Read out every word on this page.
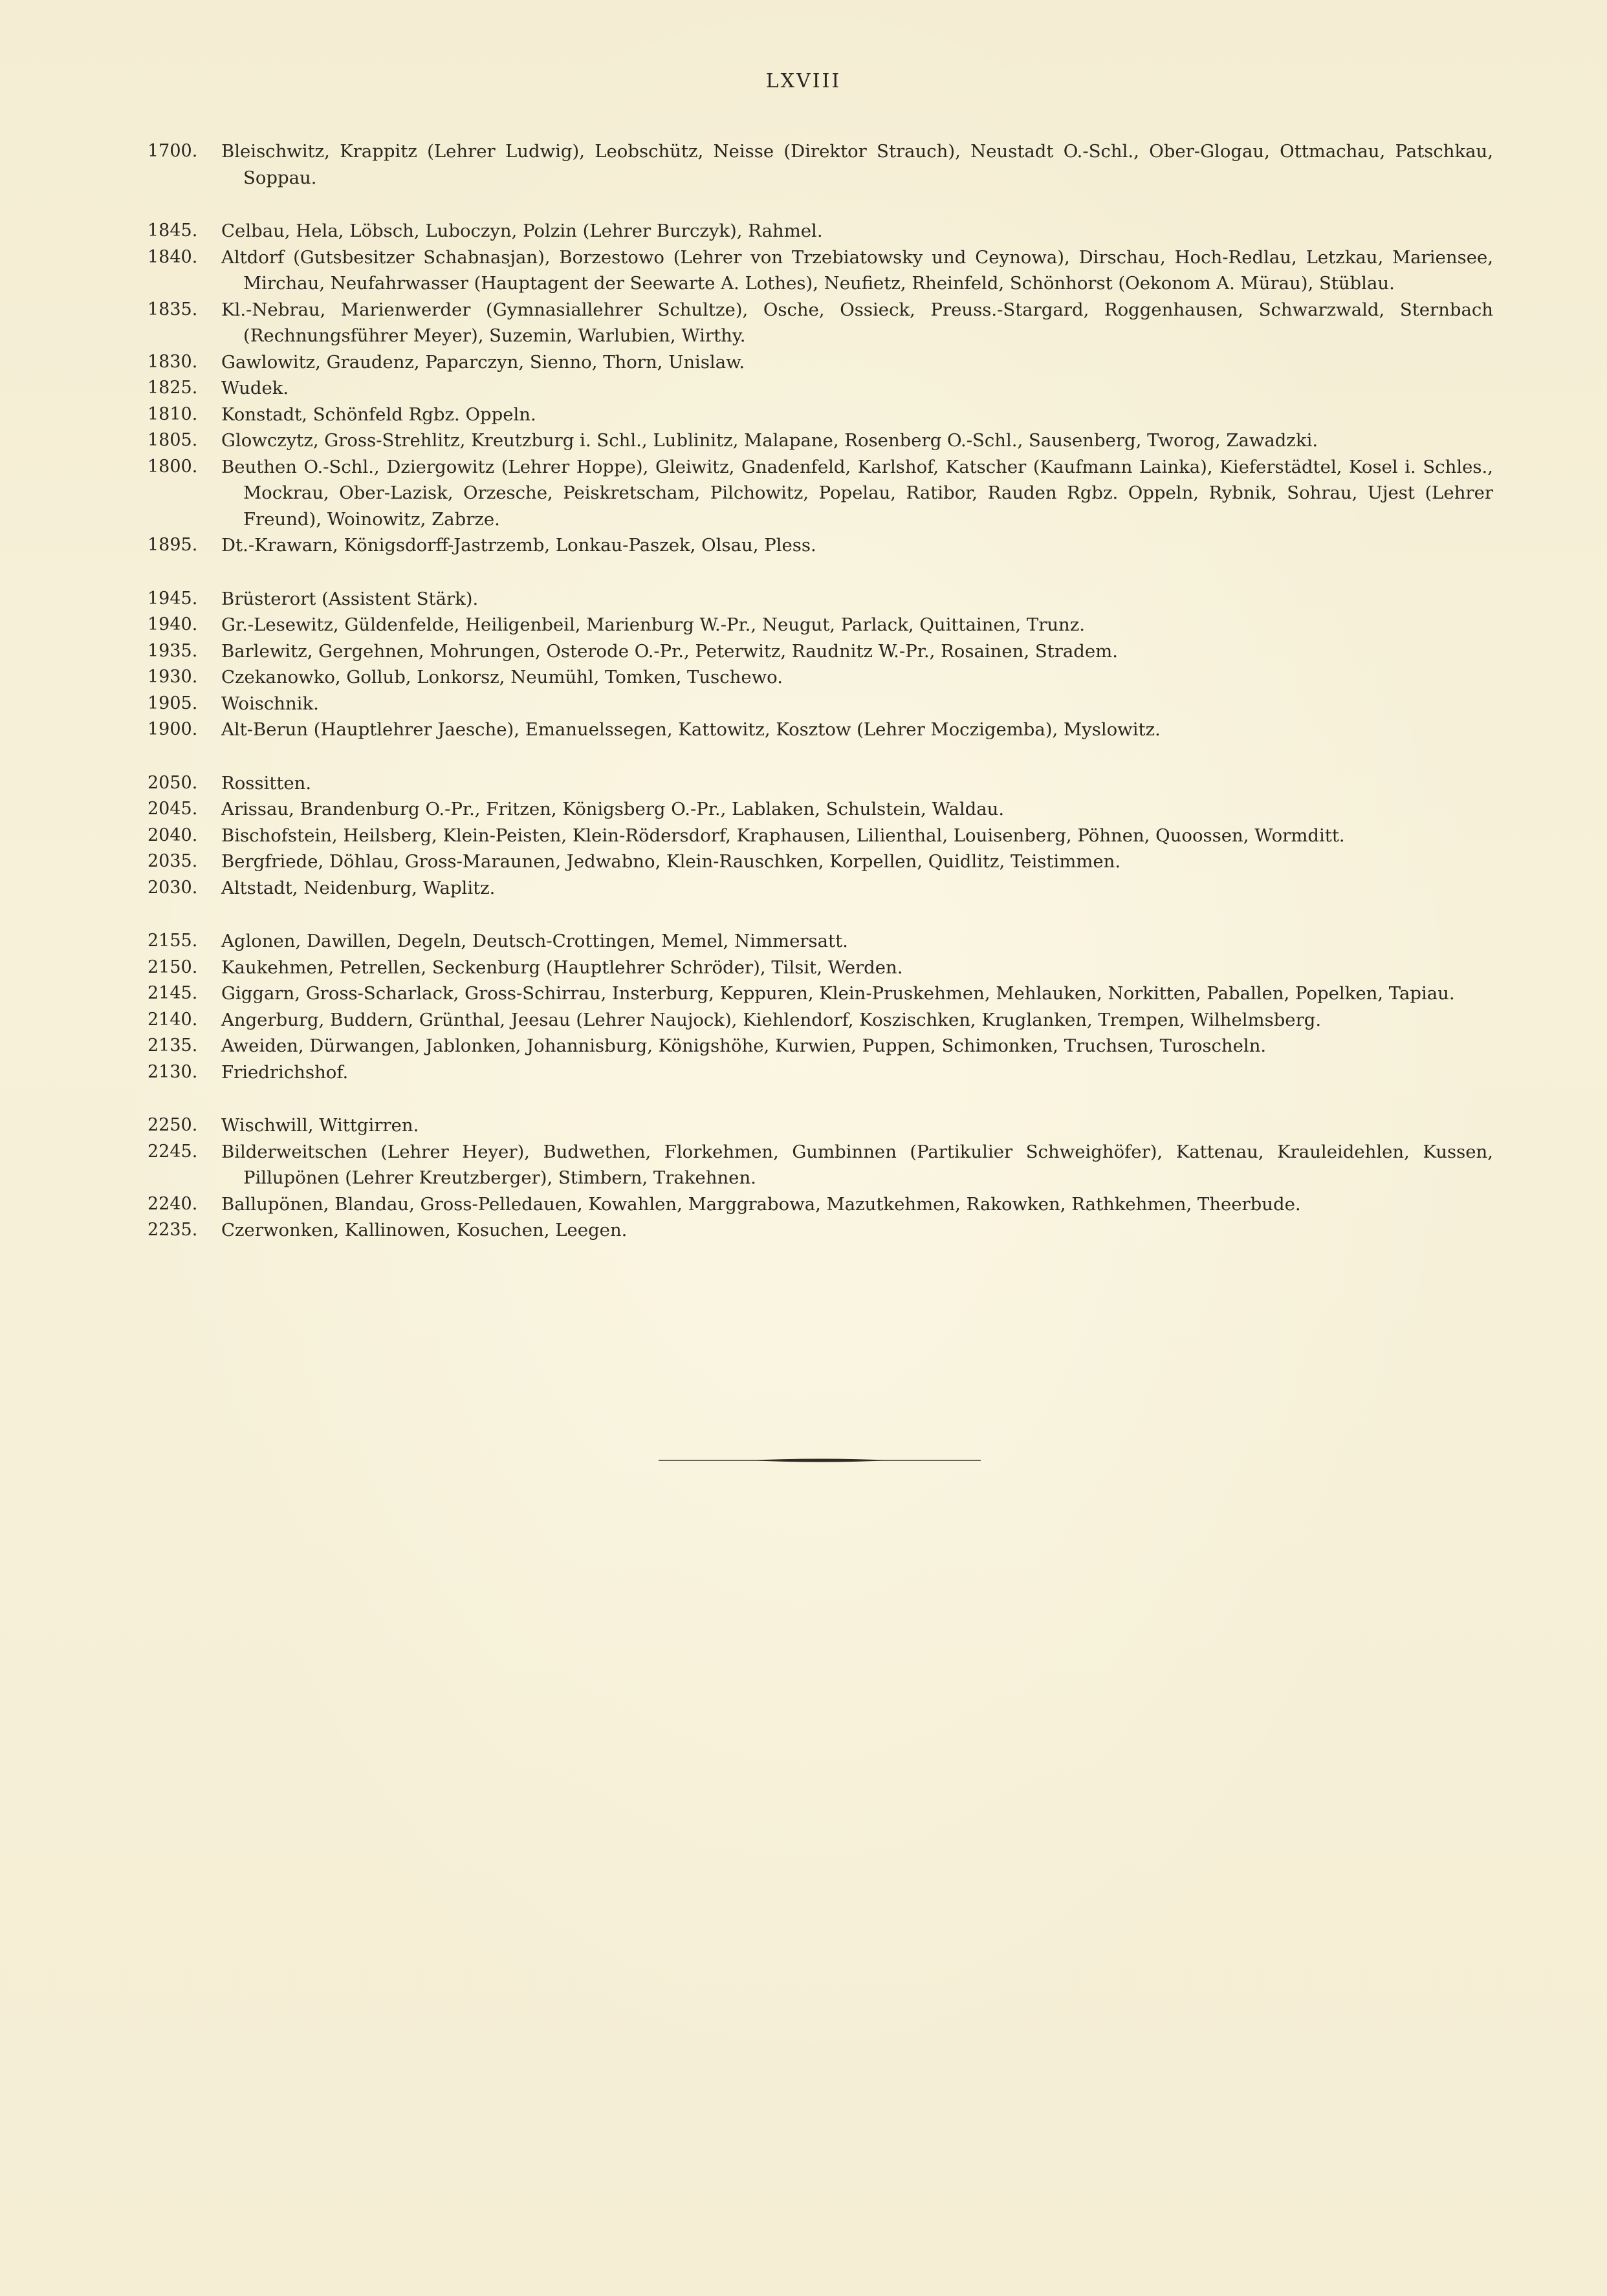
LXVIII
1700.	Bleischwitz, Krappitz (Lehrer Ludwig), Leobschütz, Neisse (Direktor Strauch), Neustadt O.-Schl., Ober-Glogau, Ottmachau, Patschkau, Soppau.
1845.	Celbau, Hela, Löbsch, Luboczyn, Polzin (Lehrer Burczyk), Rahmel.
1840.	Altdorf (Gutsbesitzer Schabnasjan), Borzestowo (Lehrer von Trzebiatowsky und Ceynowa), Dirschau, Hoch-Redlau, Letzkau, Mariensee, Mirchau, Neufahrwasser (Hauptagent der Seewarte A. Lothes), Neufietz, Rheinfeld, Schönhorst (Oekonom A. Mürau), Stüblau.
1835.	Kl.-Nebrau, Marienwerder (Gymnasiallehrer Schultze), Osche, Ossieck, Preuss.-Stargard, Roggenhausen, Schwarzwald, Sternbach (Rechnungsführer Meyer), Suzemin, Warlubien, Wirthy.
1830.	Gawlowitz, Graudenz, Paparczyn, Sienno, Thorn, Unislaw.
1825.	Wudek.
1810.	Konstadt, Schönfeld Rgbz. Oppeln.
1805.	Glowczytz, Gross-Strehlitz, Kreutzburg i. Schl., Lublinitz, Malapane, Rosenberg O.-Schl., Sausenberg, Tworog, Zawadzki.
1800.	Beuthen O.-Schl., Dziergowitz (Lehrer Hoppe), Gleiwitz, Gnadenfeld, Karlshof, Katscher (Kaufmann Lainka), Kieferstädtel, Kosel i. Schles., Mockrau, Ober-Lazisk, Orzesche, Peiskretscham, Pilchowitz, Popelau, Ratibor, Rauden Rgbz. Oppeln, Rybnik, Sohrau, Ujest (Lehrer Freund), Woinowitz, Zabrze.
1895.	Dt.-Krawarn, Königsdorff-Jastrzemb, Lonkau-Paszek, Olsau, Pless.
1945.	Brüsterort (Assistent Stärk).
1940.	Gr.-Lesewitz, Güldenfelde, Heiligenbeil, Marienburg W.-Pr., Neugut, Parlack, Quittainen, Trunz.
1935.	Barlewitz, Gergehnen, Mohrungen, Osterode O.-Pr., Peterwitz, Raudnitz W.-Pr., Rosainen, Stradem.
1930.	Czekanowko, Gollub, Lonkorsz, Neumühl, Tomken, Tuschewo.
1905.	Woischnik.
1900.	Alt-Berun (Hauptlehrer Jaesche), Emanuelssegen, Kattowitz, Kosztow (Lehrer Moczigemba), Myslowitz.
2050.	Rossitten.
2045.	Arissau, Brandenburg O.-Pr., Fritzen, Königsberg O.-Pr., Lablaken, Schulstein, Waldau.
2040.	Bischofstein, Heilsberg, Klein-Peisten, Klein-Rödersdorf, Kraphausen, Lilienthal, Louisenberg, Pöhnen, Quoossen, Wormditt.
2035.	Bergfriede, Döhlau, Gross-Maraunen, Jedwabno, Klein-Rauschken, Korpellen, Quidlitz, Teistimmen.
2030.	Altstadt, Neidenburg, Waplitz.
2155.	Aglonen, Dawillen, Degeln, Deutsch-Crottingen, Memel, Nimmersatt.
2150.	Kaukehmen, Petrellen, Seckenburg (Hauptlehrer Schröder), Tilsit, Werden.
2145.	Giggarn, Gross-Scharlack, Gross-Schirrau, Insterburg, Keppuren, Klein-Pruskehmen, Mehlauken, Norkitten, Paballen, Popelken, Tapiau.
2140.	Angerburg, Buddern, Grünthal, Jeesau (Lehrer Naujock), Kiehlendorf, Koszischken, Kruglanken, Trempen, Wilhelmsberg.
2135.	Aweiden, Dürwangen, Jablonken, Johannisburg, Königshöhe, Kurwien, Puppen, Schimonken, Truchsen, Turoscheln.
2130.	Friedrichshof.
2250.	Wischwill, Wittgirren.
2245.	Bilderweitschen (Lehrer Heyer), Budwethen, Florkehmen, Gumbinnen (Partikulier Schweighöfer), Kattenau, Krauleidehlen, Kussen, Pillupönen (Lehrer Kreutzberger), Stimbern, Trakehnen.
2240.	Ballupönen, Blandau, Gross-Pelledauen, Kowahlen, Marggrabowa, Mazutkehmen, Rakowken, Rathkehmen, Theerbude.
2235.	Czerwonken, Kallinowen, Kosuchen, Leegen.
